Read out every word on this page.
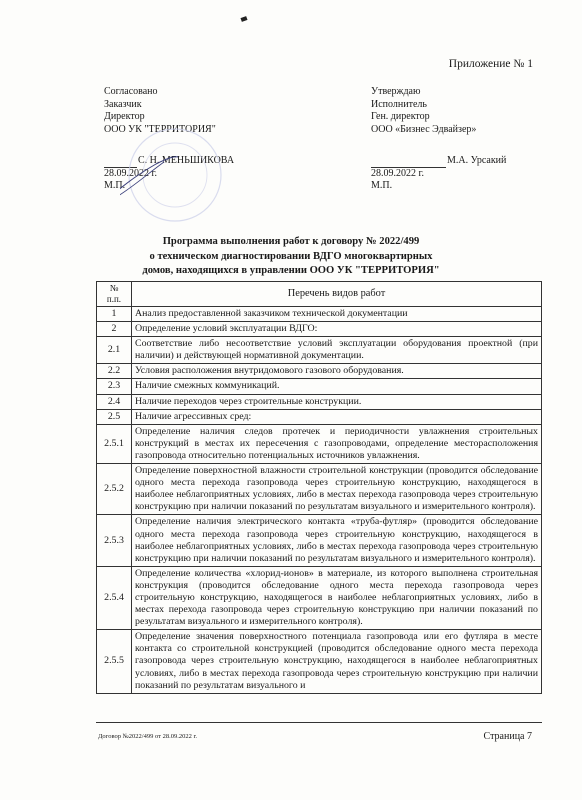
Приложение № 1
Согласовано
Заказчик
Директор
ООО УК "ТЕРРИТОРИЯ"
С. Н. МЕНЬШИКОВА
28.09.2022 г.
М.П.
Утверждаю
Исполнитель
Ген. директор
ООО «Бизнес Эдвайзер»
М.А. Урсакий
28.09.2022 г.
М.П.
Программа выполнения работ к договору № 2022/499
о техническом диагностировании ВДГО многоквартирных
домов, находящихся в управлении ООО УК "ТЕРРИТОРИЯ"
№
п.п.	Перечень видов работ
1	Анализ предоставленной заказчиком технической документации
2	Определение условий эксплуатации ВДГО:
2.1	Соответствие либо несоответствие условий эксплуатации оборудования проектной (при наличии) и действующей нормативной документации.
2.2	Условия расположения внутридомового газового оборудования.
2.3	Наличие смежных коммуникаций.
2.4	Наличие переходов через строительные конструкции.
2.5	Наличие агрессивных сред:
2.5.1	Определение наличия следов протечек и периодичности увлажнения строительных конструкций в местах их пересечения с газопроводами, определение месторасположения газопровода относительно потенциальных источников увлажнения.
2.5.2	Определение поверхностной влажности строительной конструкции (проводится обследование одного места перехода газопровода через строительную конструкцию, находящегося в наиболее неблагоприятных условиях, либо в местах перехода газопровода через строительную конструкцию при наличии показаний по результатам визуального и измерительного контроля).
2.5.3	Определение наличия электрического контакта «труба-футляр» (проводится обследование одного места перехода газопровода через строительную конструкцию, находящегося в наиболее неблагоприятных условиях, либо в местах перехода газопровода через строительную конструкцию при наличии показаний по результатам визуального и измерительного контроля).
2.5.4	Определение количества «хлорид-ионов» в материале, из которого выполнена строительная конструкция (проводится обследование одного места перехода газопровода через строительную конструкцию, находящегося в наиболее неблагоприятных условиях, либо в местах перехода газопровода через строительную конструкцию при наличии показаний по результатам визуального и измерительного контроля).
2.5.5	Определение значения поверхностного потенциала газопровода или его футляра в месте контакта со строительной конструкцией (проводится обследование одного места перехода газопровода через строительную конструкцию, находящегося в наиболее неблагоприятных условиях, либо в местах перехода газопровода через строительную конструкцию при наличии показаний по результатам визуального и
Договор №2022/499 от 28.09.2022 г.	Страница 7
